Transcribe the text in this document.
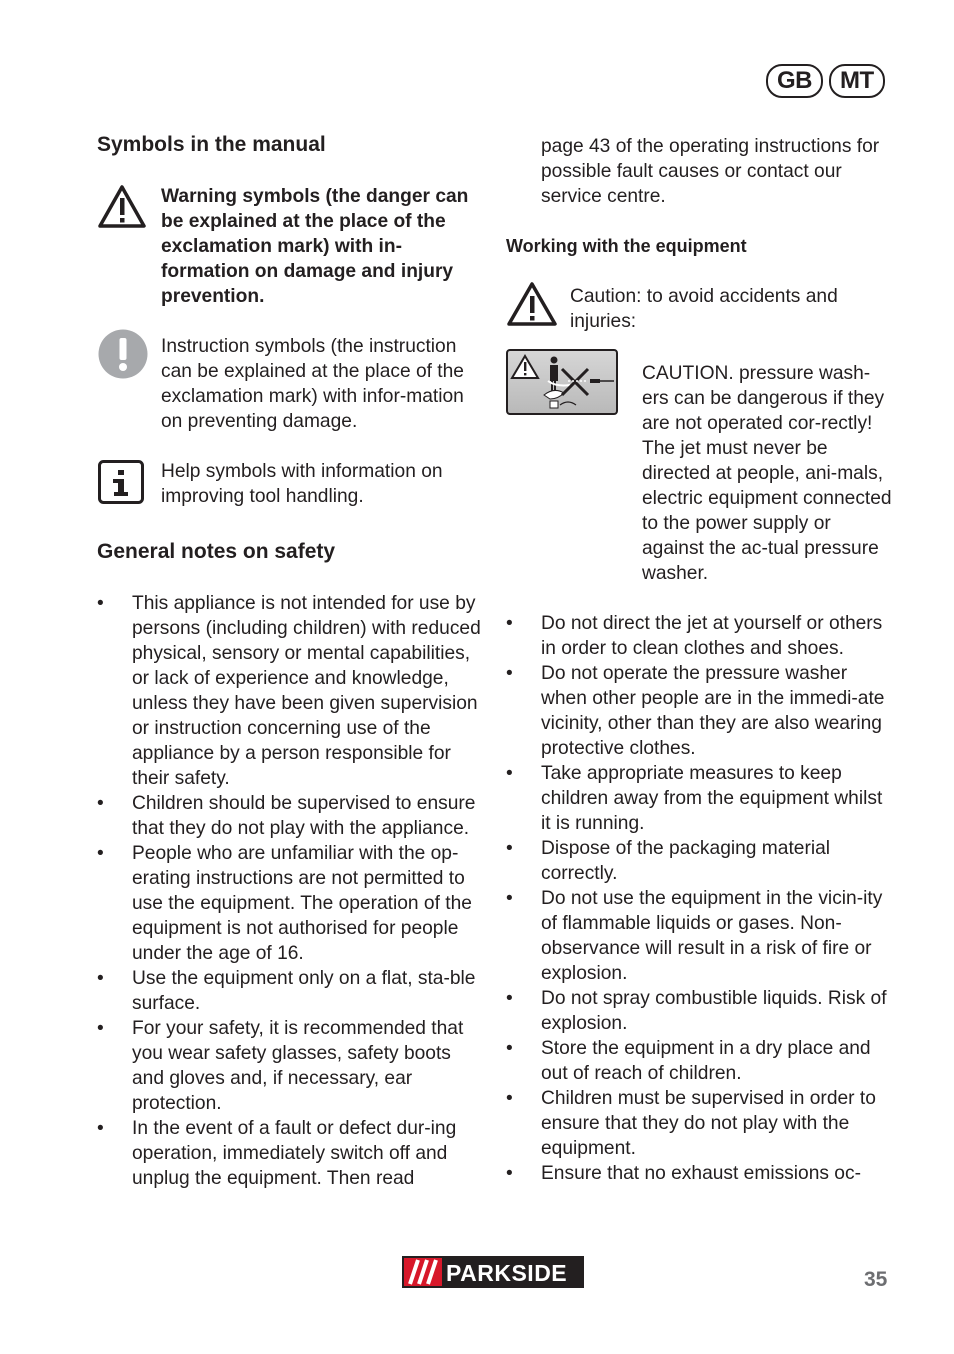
GB	MT
Symbols in the manual
Warning symbols (the danger can be explained at the place of the exclamation mark) with in-formation on damage and injury prevention.
Instruction symbols (the instruction can be explained at the place of the exclamation mark) with infor-mation on preventing damage.
Help symbols with information on improving tool handling.
General notes on safety
• This appliance is not intended for use by persons (including children) with reduced physical, sensory or mental capabilities, or lack of experience and knowledge, unless they have been given supervision or instruction concerning use of the appliance by a person responsible for their safety.
• Children should be supervised to ensure that they do not play with the appliance.
• People who are unfamiliar with the op-erating instructions are not permitted to use the equipment. The operation of the equipment is not authorised for people under the age of 16.
• Use the equipment only on a flat, sta-ble surface.
• For your safety, it is recommended that you wear safety glasses, safety boots and gloves and, if necessary, ear protection.
• In the event of a fault or defect dur-ing operation, immediately switch off and unplug the equipment. Then read
page 43 of the operating instructions for possible fault causes or contact our service centre.
Working with the equipment
Caution: to avoid accidents and injuries:
CAUTION. pressure wash-ers can be dangerous if they are not operated cor-rectly! The jet must never be directed at people, ani-mals, electric equipment connected to the power supply or against the ac-tual pressure washer.
• Do not direct the jet at yourself or others in order to clean clothes and shoes.
• Do not operate the pressure washer when other people are in the immedi-ate vicinity, other than they are also wearing protective clothes.
• Take appropriate measures to keep children away from the equipment whilst it is running.
• Dispose of the packaging material correctly.
• Do not use the equipment in the vicin-ity of flammable liquids or gases. Non-observance will result in a risk of fire or explosion.
• Do not spray combustible liquids. Risk of explosion.
• Store the equipment in a dry place and out of reach of children.
• Children must be supervised in order to ensure that they do not play with the equipment.
• Ensure that no exhaust emissions oc-
PARKSIDE	35
